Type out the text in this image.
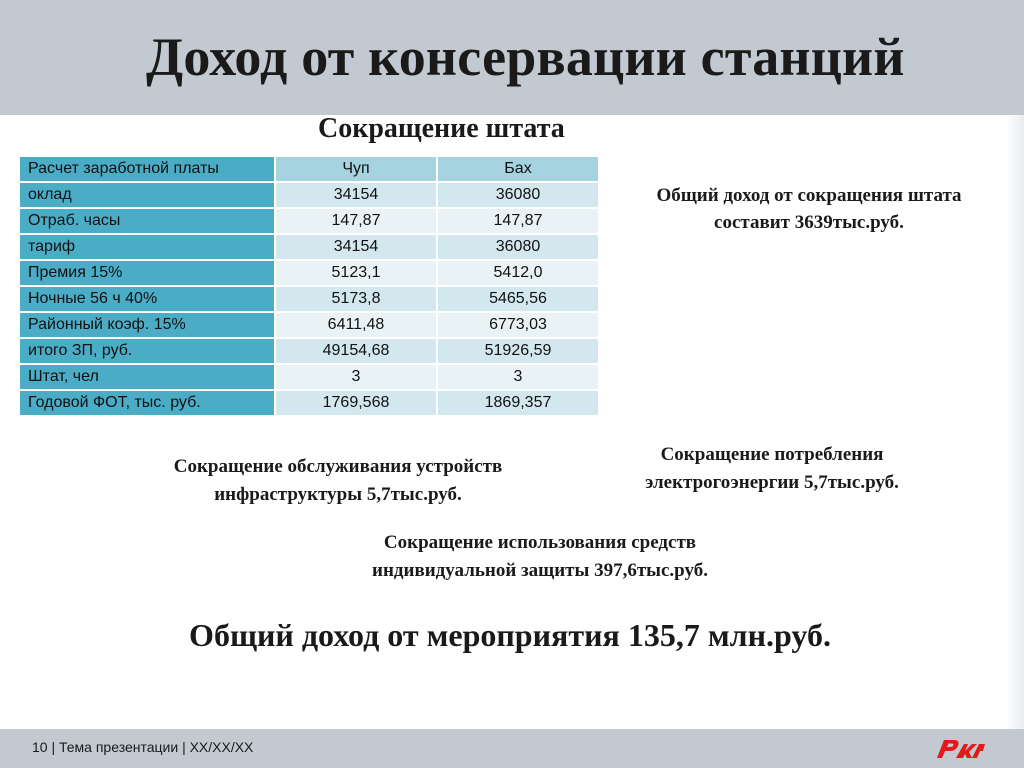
Доход от консервации станций
Сокращение штата
Расчет заработной платы	Чуп	Бах
оклад	34154	36080
Отраб. часы	147,87	147,87
тариф	34154	36080
Премия 15%	5123,1	5412,0
Ночные 56 ч 40%	5173,8	5465,56
Районный коэф. 15%	6411,48	6773,03
итого ЗП, руб.	49154,68	51926,59
Штат, чел	3	3
Годовой ФОТ, тыс. руб.	1769,568	1869,357
Общий доход от сокращения штата
составит 3639тыс.руб.
Сокращение обслуживания устройств
инфраструктуры 5,7тыс.руб.
Сокращение потребления
электрогоэнергии 5,7тыс.руб.
Сокращение использования средств
индивидуальной защиты 397,6тыс.руб.
Общий доход от мероприятия 135,7 млн.руб.
10 | Тема презентации | XX/XX/XX
